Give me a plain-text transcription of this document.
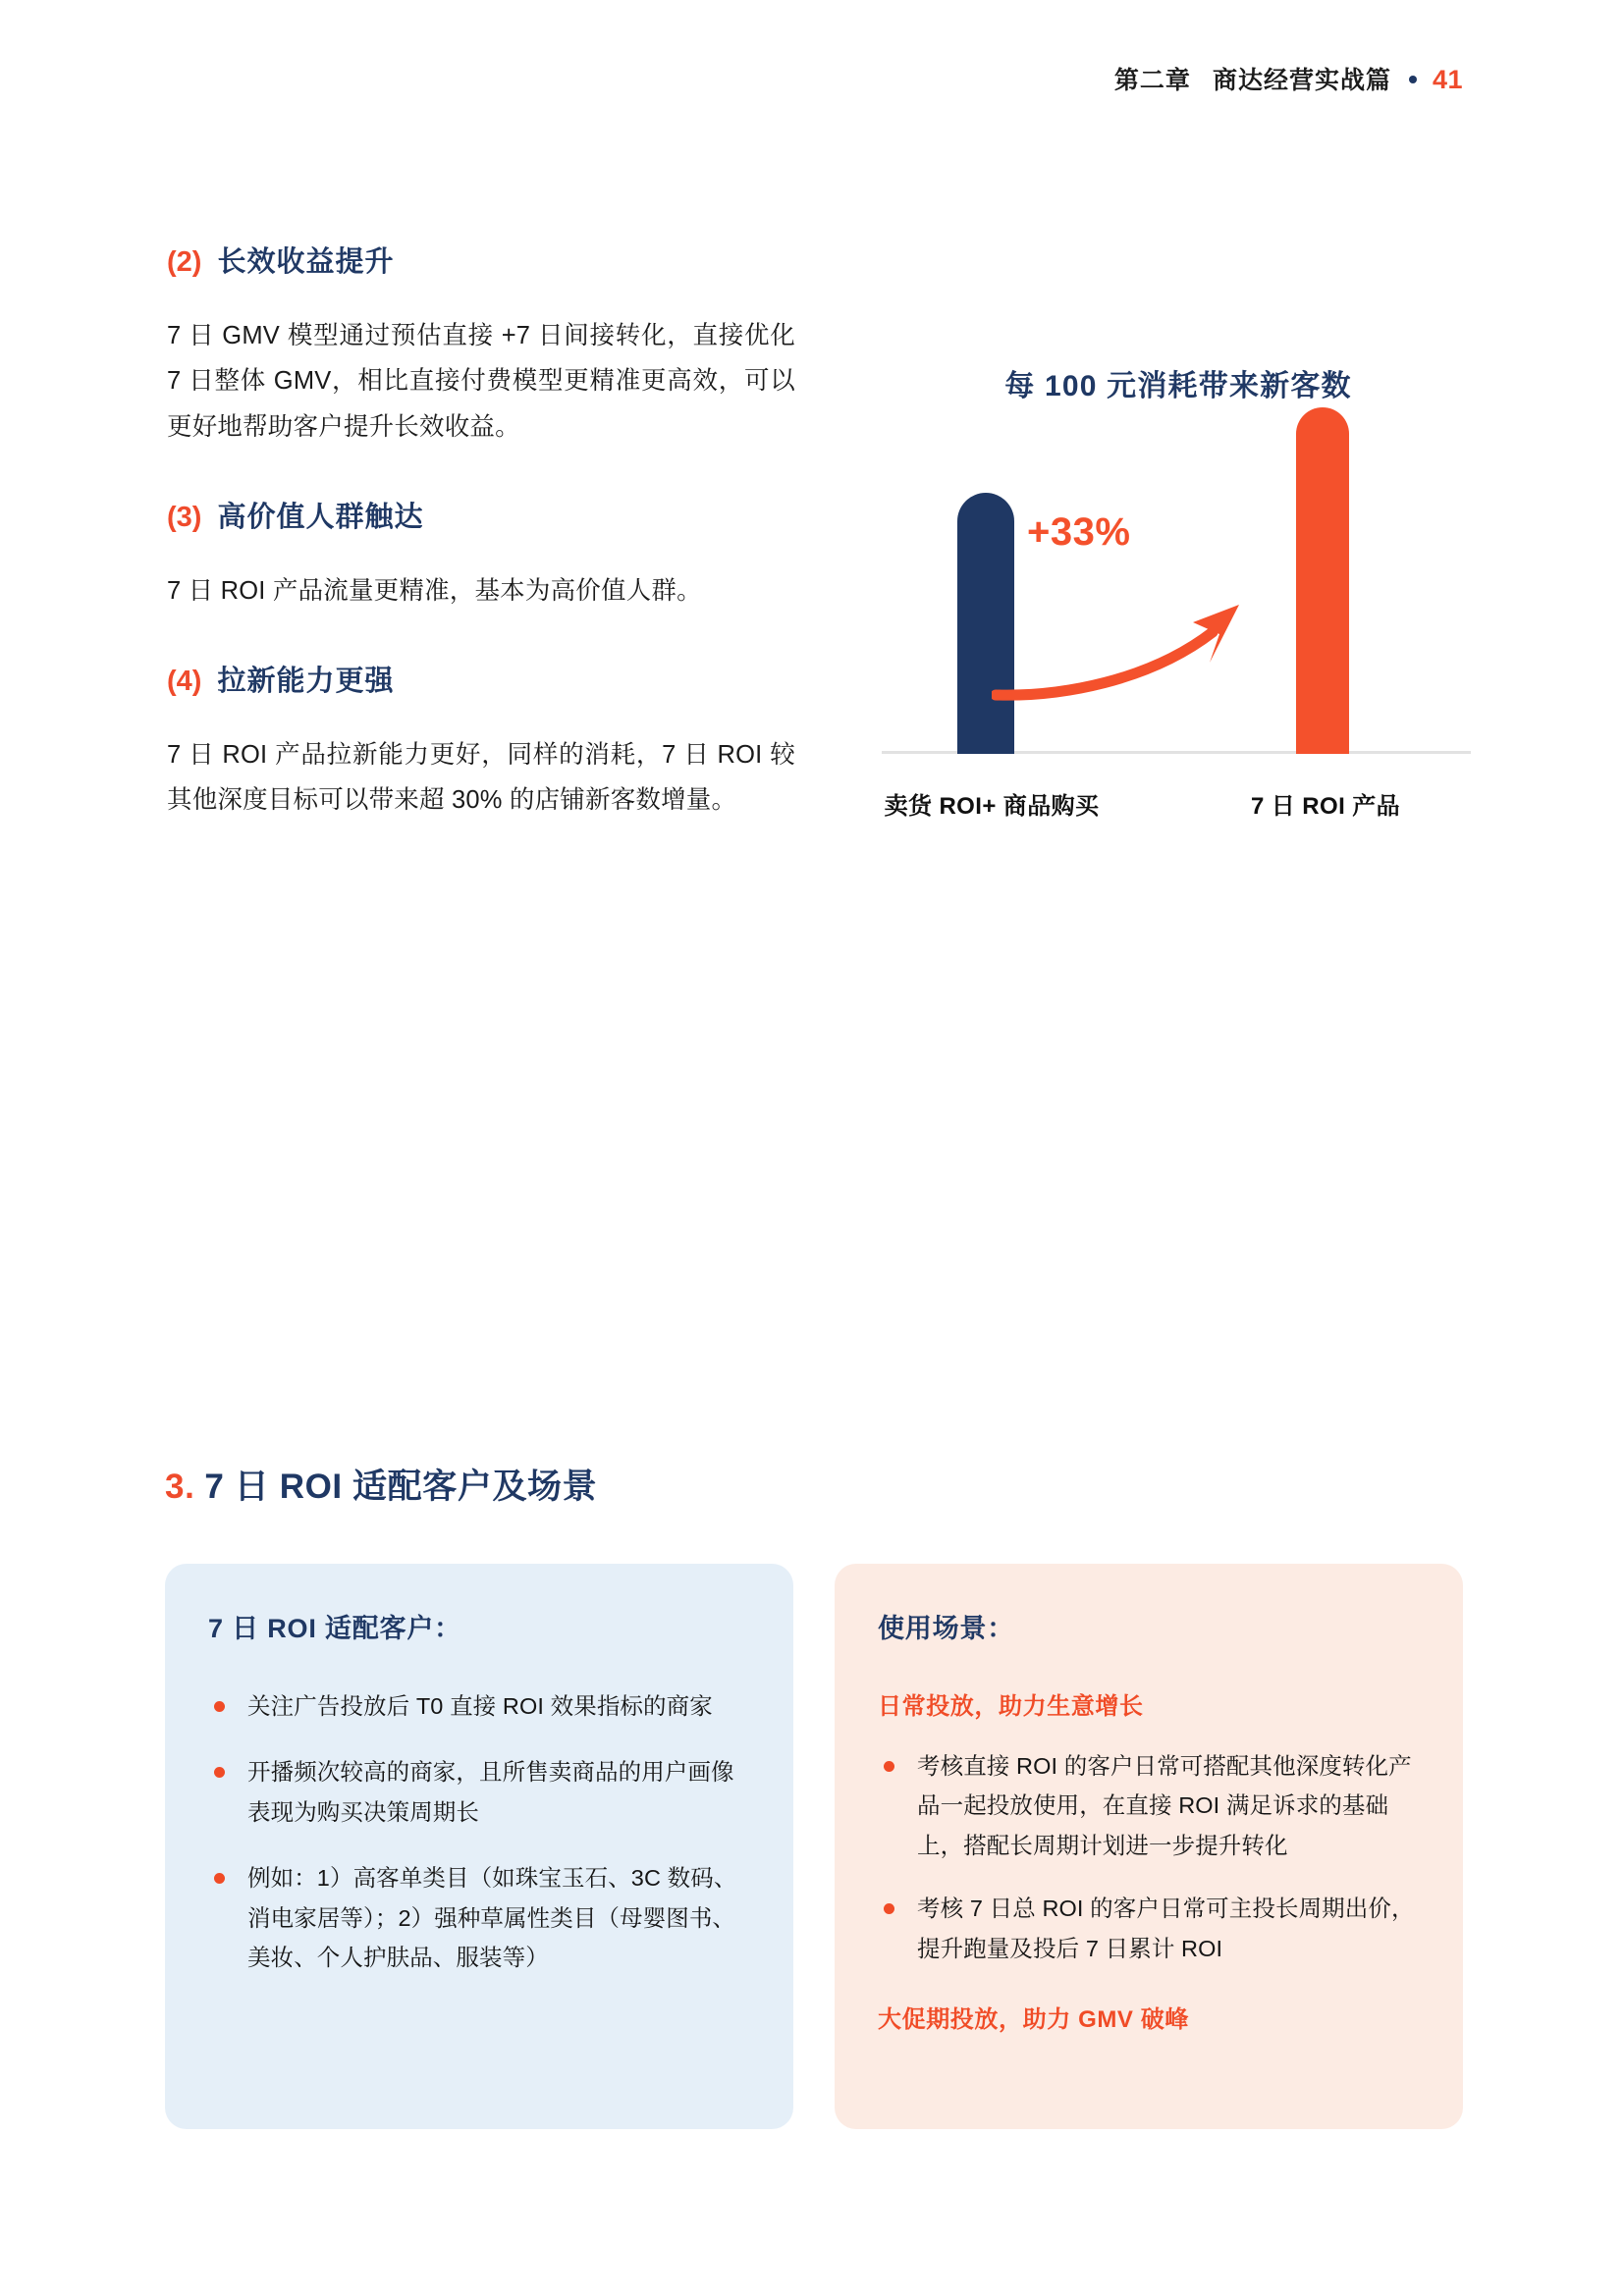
第二章 商达经营实战篇 41
(2) 长效收益提升

7 日 GMV 模型通过预估直接 +7 日间接转化，直接优化 7 日整体 GMV，相比直接付费模型更精准更高效，可以更好地帮助客户提升长效收益。

(3) 高价值人群触达

7 日 ROI 产品流量更精准，基本为高价值人群。

(4) 拉新能力更强

7 日 ROI 产品拉新能力更好，同样的消耗，7 日 ROI 较其他深度目标可以带来超 30% 的店铺新客数增量。

每 100 元消耗带来新客数
+33%
卖货 ROI+ 商品购买	7 日 ROI 产品
3. 7 日 ROI 适配客户及场景
7 日 ROI 适配客户：
关注广告投放后 T0 直接 ROI 效果指标的商家
开播频次较高的商家，且所售卖商品的用户画像表现为购买决策周期长
例如：1）高客单类目（如珠宝玉石、3C 数码、消电家居等）；2）强种草属性类目（母婴图书、美妆、个人护肤品、服装等）
使用场景：
日常投放，助力生意增长
考核直接 ROI 的客户日常可搭配其他深度转化产品一起投放使用，在直接 ROI 满足诉求的基础上，搭配长周期计划进一步提升转化
考核 7 日总 ROI 的客户日常可主投长周期出价，提升跑量及投后 7 日累计 ROI
大促期投放，助力 GMV 破峰
